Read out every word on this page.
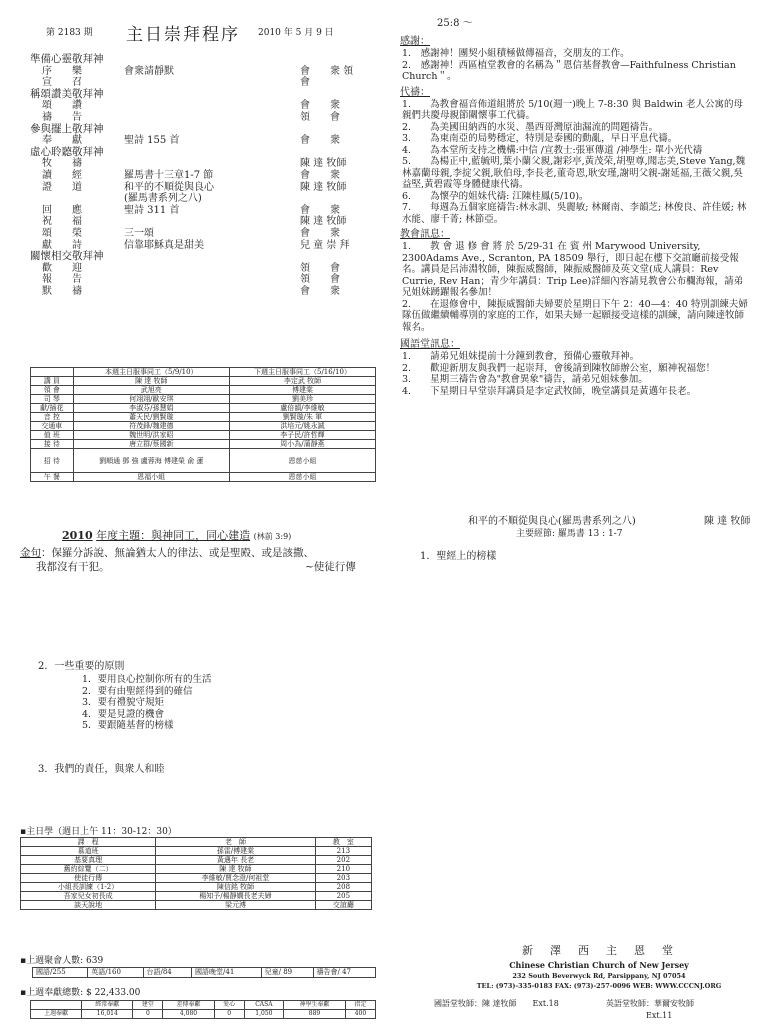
第 2183 期 主日崇拜程序 2010 年 5 月 9 日
準備心靈敬拜神
序　　樂	會衆請靜默	會　　衆 領
宣　　召	會
稱頌讚美敬拜神
頌　　讚	會　　衆
禱　　告	領　　會
參與擺上敬拜神
奉　　獻	聖詩 155 首	會　　衆
虛心聆聽敬拜神
牧　　禱	陳 達 牧師
讀　　經	羅馬書十三章1-7 節	會　　衆
證　　道	和平的不順從與良心	陳 達 牧師
(羅馬書系列之八)
回　　應	聖詩 311 首	會　　衆
祝　　福	陳 達 牧師
頌　　榮	三一頌	會　　衆
獻　　詩	信靠耶穌真是甜美	兒 童 崇 拜
關懷相交敬拜神
歡　　迎	領　　會
報　　告	領　　會
默　　禱	會　　衆
	本週主日服事同工（5/9/10）	下週主日服事同工（5/16/10）
講 員	陳 達 牧師	李定武 牧師
領 會	武旭亮	傅建棠
司 琴	何翊翊/歐安琪	劉美珍
獻/插花	李淑芬/孫慧娟	盧倍韻/李維敏
音 控	蕭天民/劉賢璇	劉賢璇/朱 軍
交通車	符茂鋒/魏建德	洪培元/姚永誠
值 班	魏世明/洪家昭	李子民/許哲輝
接 待	唐立群/蔡國新	周小為/蒲靜燕
招 待	劉順通 鄧 強 盧蓉海 傅建榮 俞 蓮	恩慈小組
午 餐	恩福小組	恩慈小組
2010 年度主題：與神同工，同心建造 (林前 3:9)
金句：保羅分訴說、無論猶太人的律法、或是聖殿、或是該撒、
我都沒有干犯。	~使徒行傳
2．一些重要的原則
1．要用良心控制你所有的生活
2．要有由聖經得到的確信
3．要有禮貌守規矩
4．要是見證的機會
5．要跟隨基督的榜樣
3．我們的責任，與衆人和睦
▪主日學（週日上午 11：30-12：30）
課　程	老　師	教　室
慕道班	孫雷/傅建棠	213
基要真理	黃邁年 長老	202
舊約綜覽（二）	陳 達 牧師	210
使徒行傳	李維敏/賈念澄/何祖堂	203
小組長訓練（1-2）	陳信銘 牧師	208
吾家兒女初長成	楊知予/楊靜嫻長老夫婦	205
談天說地	梁元溥	交誼廳
▪上週聚會人數: 639
國語/255	英語/160	台語/84	國語晚堂/41	兒童/ 89	禱告會/ 47
▪上週奉獻總數: $ 22,433.00
	經常奉獻	建堂	差傳奉獻	愛心	CASA	神學生奉獻	指定
上週奉獻	16,014	0	4,080	0	1,050	889	400
25:8 ～
感謝：
1.　感謝神！團契小組積極做傳福音，交朋友的工作。
2.　感謝神！西區植堂教會的名稱為＂恩信基督教會—Faithfulness Christian Church＂。
代禱：
1.　　為教會福音佈道組將於 5/10(週一)晚上 7-8:30 與 Baldwin 老人公寓的母親們共慶母親節關懷事工代禱。
2.　　為美國田納西的水災、墨西哥灣原油漏流的問題禱告。
3.　　為東南亞的局勢穩定，特別是泰國的動亂，早日平息代禱。
4.　　為本堂所支持之機構:中信 /宣教士:張軍傳道 /神學生: 單小光代禱
5.　　為楊正中,藍毓明,葉小蘭父親,謝彩亭,黃茂荣,胡聖尊,聞志美,Steve Yang,魏林嘉蘭母親,李掟父親,耿伯母,李長老,董奇恩,耿安瑾,謝明父親-謝延福,王薇父親,吳益堅,黃碧霞等身體健康代禱。
6.　　為懷孕的姐妹代禱: 江陳桂鳳(5/10)。
7.　　每週為五個家庭禱告:林永訓、吳麗敏; 林爾南、李韻芝; 林俊良、許佳媛; 林水能、廖千菁; 林節亞。
教會訊息：
1.　　教 會 退 修 會 將 於 5/29-31 在 賓 州 Marywood University, 2300Adams Ave., Scranton, PA 18509 舉行，即日起在樓下交誼廳前接受報名。講員是呂沛淵牧師，陳振威醫師，陳振威醫師及英文堂(成人講員：Rev Currie, Rev Han；青少年講員：Trip Lee)詳細內容請見教會公布欄海報，請弟兄姐妹踴躍報名參加！
2.　　在退修會中，陳振威醫師夫婦要於星期日下午 2：40—4：40 特別訓練夫婦隊伍做繼續輔導別的家庭的工作，如果夫婦一起願接受這樣的訓練，請向陳達牧師報名。
國語堂訊息：
1.　　請弟兄姐妹提前十分鐘到教會，預備心靈敬拜神。
2.　　歡迎新朋友與我們一起崇拜，會後請到陳牧師辦公室，願神祝福您！
3.　　星期三禱告會為"教會異象"禱告，請弟兄姐妹參加。
4.　　下星期日早堂崇拜講員是李定武牧師，晚堂講員是黃邁年長老。
和平的不順從與良心(羅馬書系列之八)	陳 達 牧師
主要經節: 羅馬書 13 : 1-7
1．聖經上的榜樣
新　澤　西　主　恩　堂
Chinese Christian Church of New Jersey
232 South Beverwyck Rd, Parsippany, NJ 07054
TEL: (973)-335-0183 FAX: (973)-257-0096 WEB: WWW.CCCNJ.ORG
國語堂牧師：陳 達牧師　　Ext.18	英語堂牧師：華爾安牧師
Ext.11
